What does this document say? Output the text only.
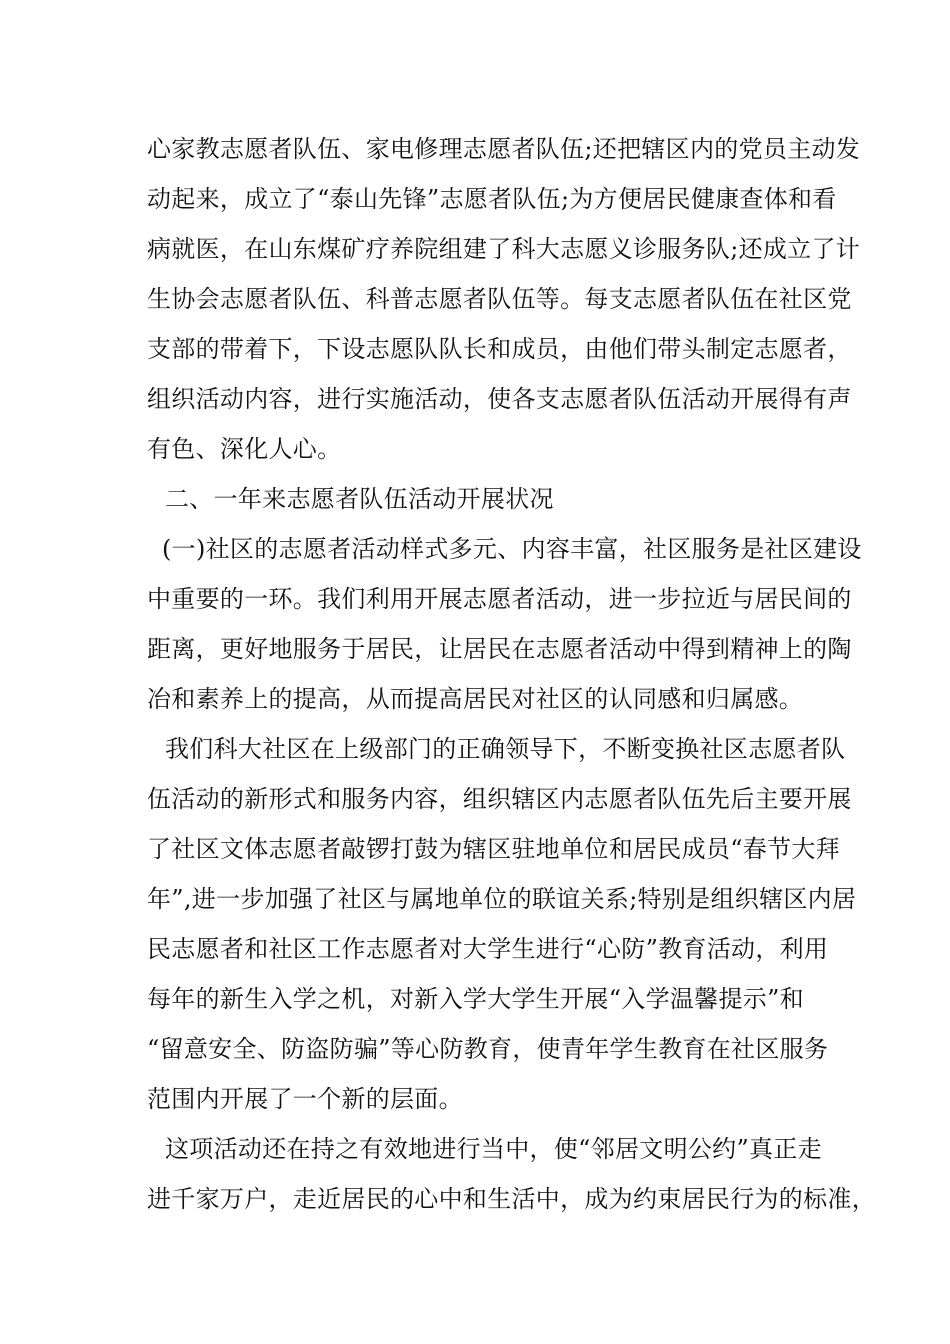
心家教志愿者队伍、家电修理志愿者队伍;还把辖区内的党员主动发
动起来，成立了“泰山先锋”志愿者队伍;为方便居民健康查体和看
病就医，在山东煤矿疗养院组建了科大志愿义诊服务队;还成立了计
生协会志愿者队伍、科普志愿者队伍等。每支志愿者队伍在社区党
支部的带着下，下设志愿队队长和成员，由他们带头制定志愿者，
组织活动内容，进行实施活动，使各支志愿者队伍活动开展得有声
有色、深化人心。
二、一年来志愿者队伍活动开展状况
(一)社区的志愿者活动样式多元、内容丰富，社区服务是社区建设
中重要的一环。我们利用开展志愿者活动，进一步拉近与居民间的
距离，更好地服务于居民，让居民在志愿者活动中得到精神上的陶
冶和素养上的提高，从而提高居民对社区的认同感和归属感。
我们科大社区在上级部门的正确领导下，不断变换社区志愿者队
伍活动的新形式和服务内容，组织辖区内志愿者队伍先后主要开展
了社区文体志愿者敲锣打鼓为辖区驻地单位和居民成员“春节大拜
年”,进一步加强了社区与属地单位的联谊关系;特别是组织辖区内居
民志愿者和社区工作志愿者对大学生进行“心防”教育活动，利用
每年的新生入学之机，对新入学大学生开展“入学温馨提示”和
“留意安全、防盗防骗”等心防教育，使青年学生教育在社区服务
范围内开展了一个新的层面。
这项活动还在持之有效地进行当中，使“邻居文明公约”真正走
进千家万户，走近居民的心中和生活中，成为约束居民行为的标准，
